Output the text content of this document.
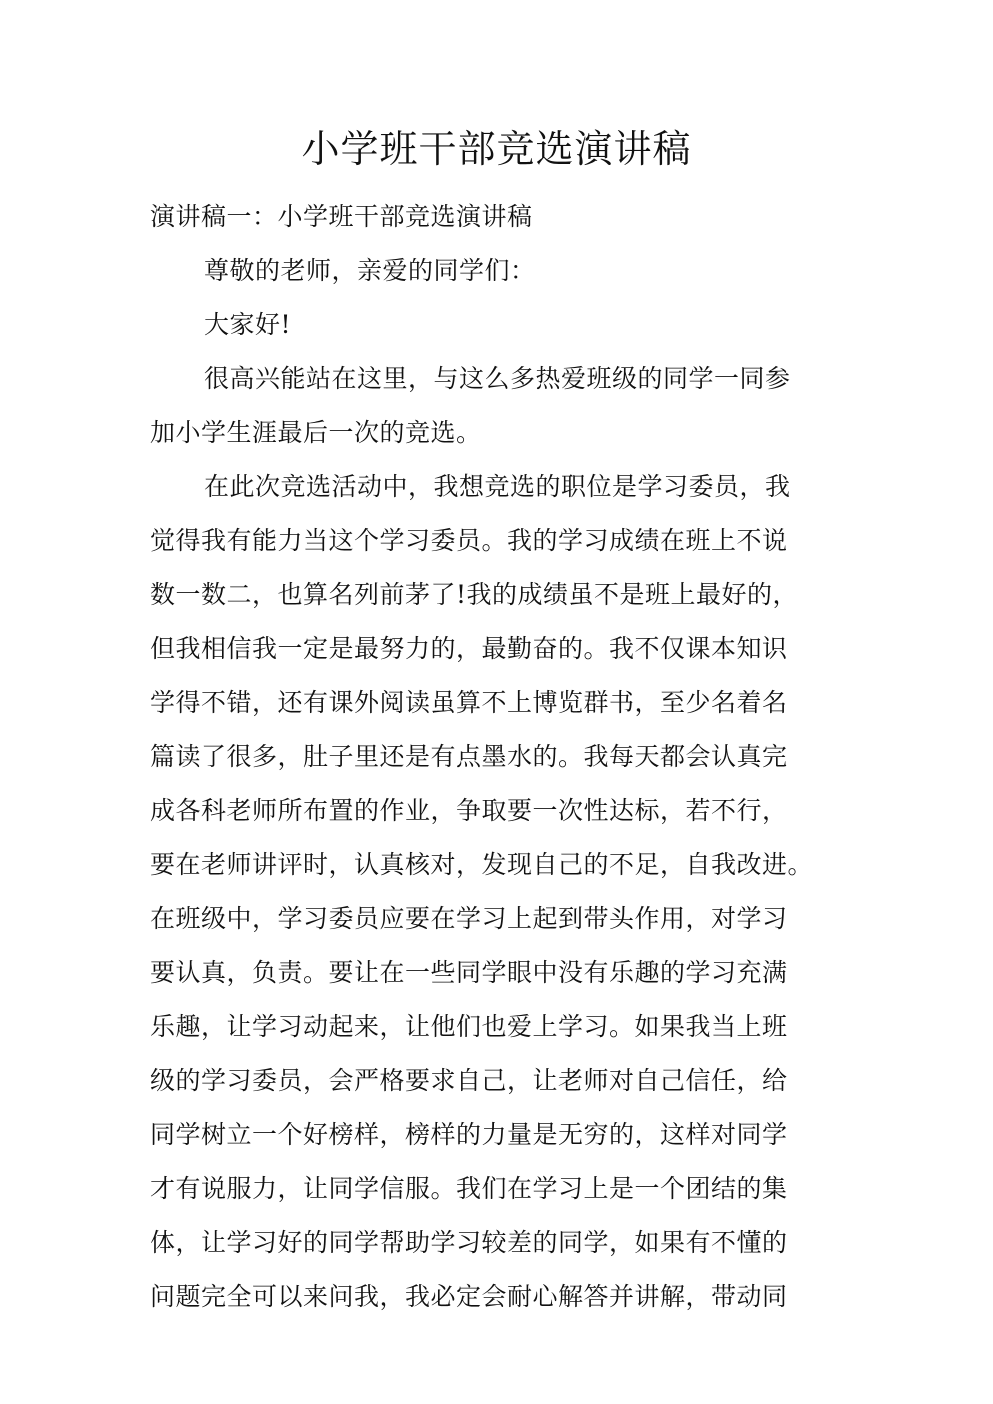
小学班干部竞选演讲稿
演讲稿一：小学班干部竞选演讲稿
尊敬的老师，亲爱的同学们：
大家好!
很高兴能站在这里，与这么多热爱班级的同学一同参
加小学生涯最后一次的竞选。
在此次竞选活动中，我想竞选的职位是学习委员，我
觉得我有能力当这个学习委员。我的学习成绩在班上不说
数一数二，也算名列前茅了!我的成绩虽不是班上最好的，
但我相信我一定是最努力的，最勤奋的。我不仅课本知识
学得不错，还有课外阅读虽算不上博览群书，至少名着名
篇读了很多，肚子里还是有点墨水的。我每天都会认真完
成各科老师所布置的作业，争取要一次性达标，若不行，
要在老师讲评时，认真核对，发现自己的不足，自我改进。
在班级中，学习委员应要在学习上起到带头作用，对学习
要认真，负责。要让在一些同学眼中没有乐趣的学习充满
乐趣，让学习动起来，让他们也爱上学习。如果我当上班
级的学习委员，会严格要求自己，让老师对自己信任，给
同学树立一个好榜样，榜样的力量是无穷的，这样对同学
才有说服力，让同学信服。我们在学习上是一个团结的集
体，让学习好的同学帮助学习较差的同学，如果有不懂的
问题完全可以来问我，我必定会耐心解答并讲解，带动同
